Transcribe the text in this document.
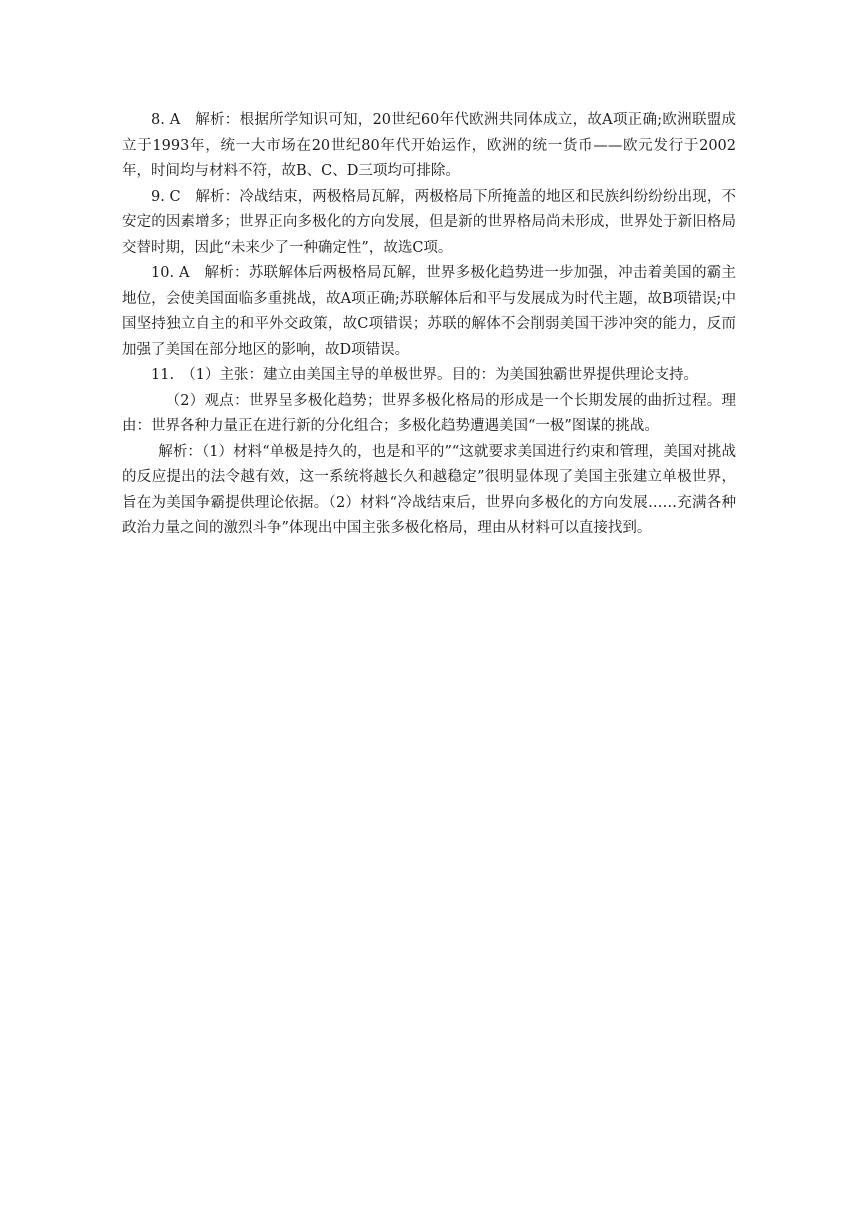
8. A　解析：根据所学知识可知，20世纪60年代欧洲共同体成立，故A项正确;欧洲联盟成立于1993年，统一大市场在20世纪80年代开始运作，欧洲的统一货币——欧元发行于2002年，时间均与材料不符，故B、C、D三项均可排除。

9. C　解析：冷战结束，两极格局瓦解，两极格局下所掩盖的地区和民族纠纷纷纷出现，不安定的因素增多；世界正向多极化的方向发展，但是新的世界格局尚未形成，世界处于新旧格局交替时期，因此“未来少了一种确定性”，故选C项。

10. A　解析：苏联解体后两极格局瓦解，世界多极化趋势进一步加强，冲击着美国的霸主地位，会使美国面临多重挑战，故A项正确;苏联解体后和平与发展成为时代主题，故B项错误;中国坚持独立自主的和平外交政策，故C项错误；苏联的解体不会削弱美国干涉冲突的能力，反而加强了美国在部分地区的影响，故D项错误。

11.　（1）主张：建立由美国主导的单极世界。目的：为美国独霸世界提供理论支持。

（2）观点：世界呈多极化趋势；世界多极化格局的形成是一个长期发展的曲折过程。理由：世界各种力量正在进行新的分化组合；多极化趋势遭遇美国“一极”图谋的挑战。

解析：（1）材料“单极是持久的，也是和平的”“这就要求美国进行约束和管理，美国对挑战的反应提出的法令越有效，这一系统将越长久和越稳定”很明显体现了美国主张建立单极世界，旨在为美国争霸提供理论依据。（2）材料“冷战结束后，世界向多极化的方向发展……充满各种政治力量之间的激烈斗争”体现出中国主张多极化格局，理由从材料可以直接找到。
